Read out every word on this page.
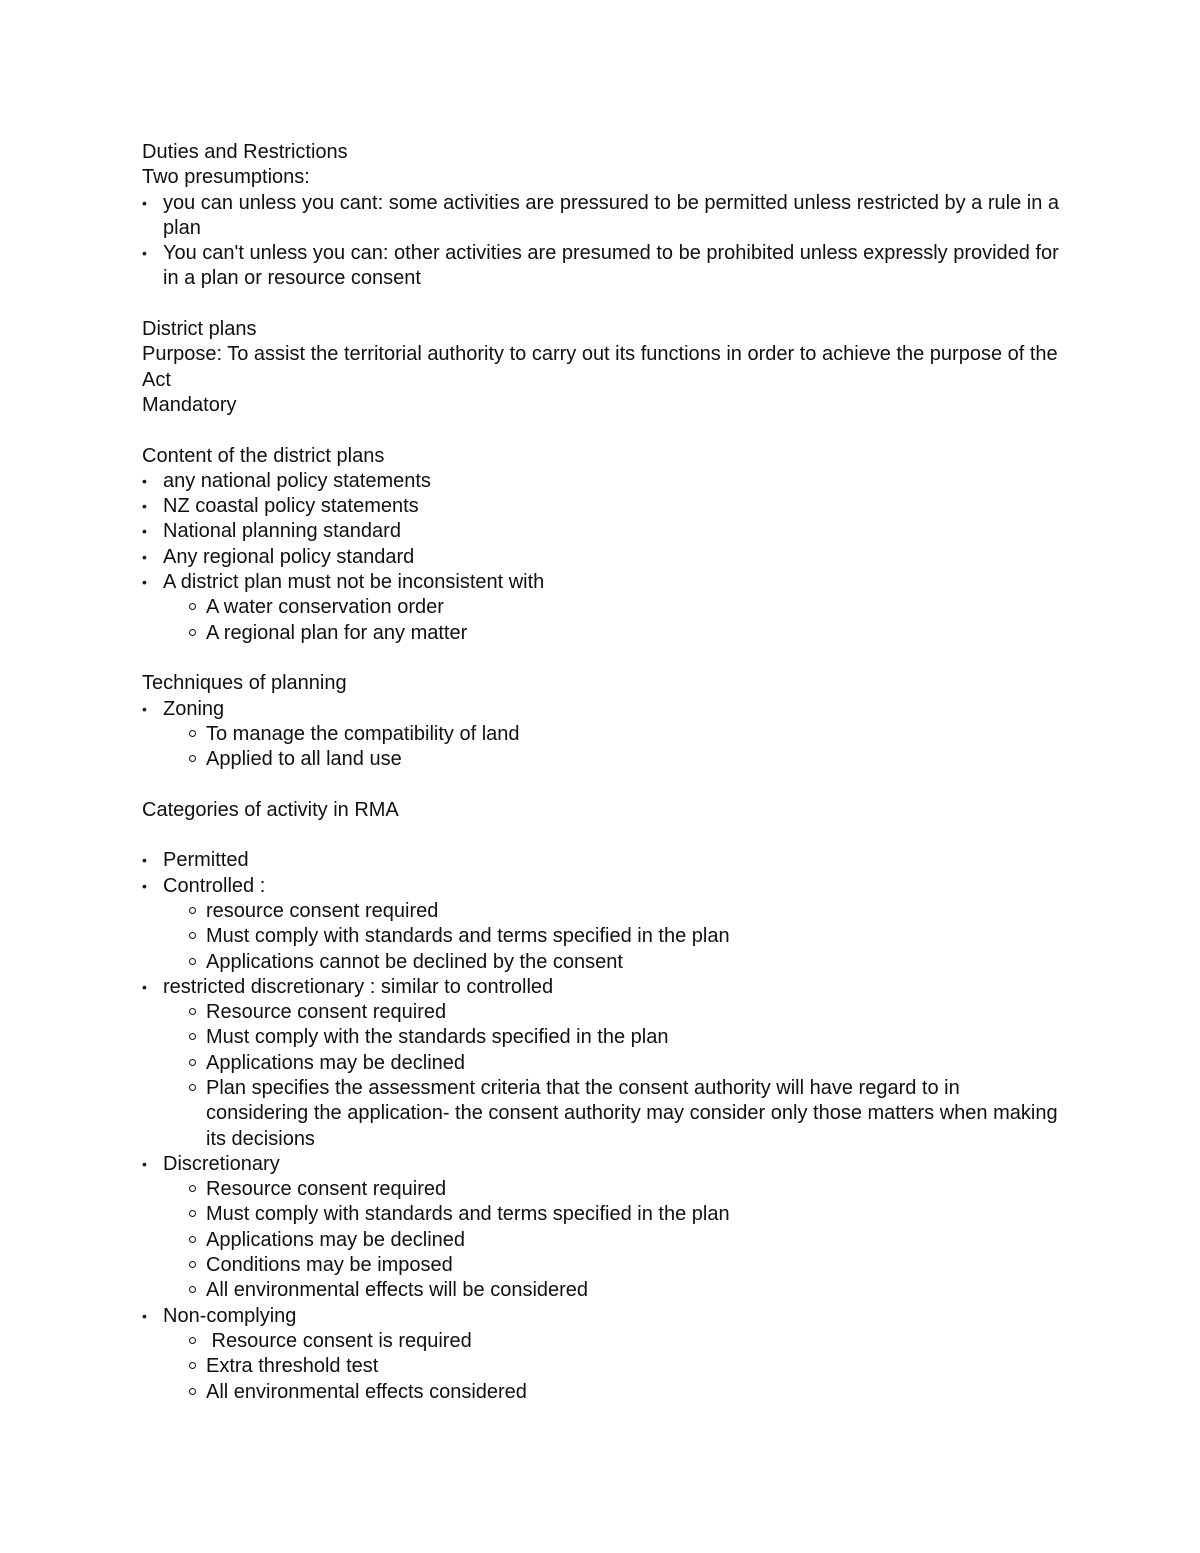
Duties and Restrictions

Two presumptions:

• you can unless you cant: some activities are pressured to be permitted unless restricted by a rule in a plan
• You can't unless you can: other activities are presumed to be prohibited unless expressly provided for in a plan or resource consent

District plans

Purpose: To assist the territorial authority to carry out its functions in order to achieve the purpose of the Act

Mandatory

Content of the district plans

• any national policy statements
• NZ coastal policy statements
• National planning standard
• Any regional policy standard
• A district plan must not be inconsistent with
A water conservation order
A regional plan for any matter

Techniques of planning

• Zoning
To manage the compatibility of land
Applied to all land use

Categories of activity in RMA

• Permitted
• Controlled :
resource consent required
Must comply with standards and terms specified in the plan
Applications cannot be declined by the consent
• restricted discretionary : similar to controlled
Resource consent required
Must comply with the standards specified in the plan
Applications may be declined
Plan specifies the assessment criteria that the consent authority will have regard to in considering the application- the consent authority may consider only those matters when making its decisions
• Discretionary
Resource consent required
Must comply with standards and terms specified in the plan
Applications may be declined
Conditions may be imposed
All environmental effects will be considered
• Non-complying
Resource consent is required
Extra threshold test
All environmental effects considered
